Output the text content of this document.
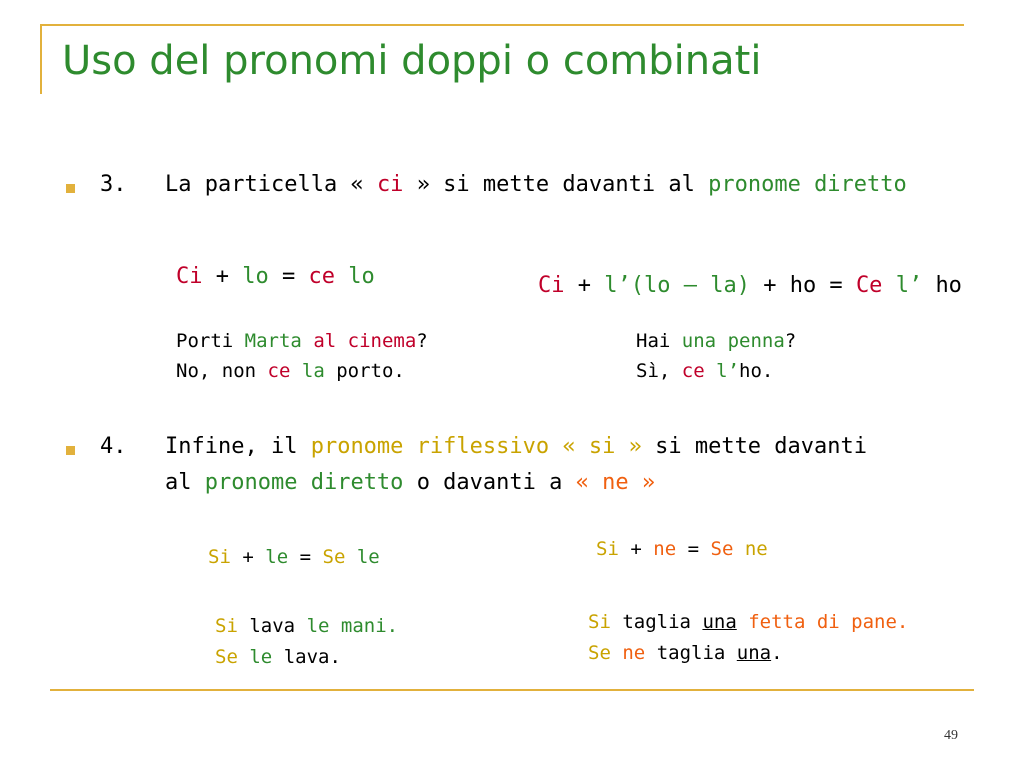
Uso del pronomi doppi o combinati
3. La particella « ci » si mette davanti al pronome diretto
Ci + lo = ce lo
Porti Marta al cinema?
No, non ce la porto.
Ci + l’(lo – la) + ho = Ce l’ ho
Hai una penna?
Sì, ce l’ho.
4. Infine, il pronome riflessivo « si » si mette davanti
al pronome diretto o davanti a « ne »
Si + le = Se le
Si lava le mani.
Se le lava.
Si + ne = Se ne
Si taglia una fetta di pane.
Se ne taglia una.
49
